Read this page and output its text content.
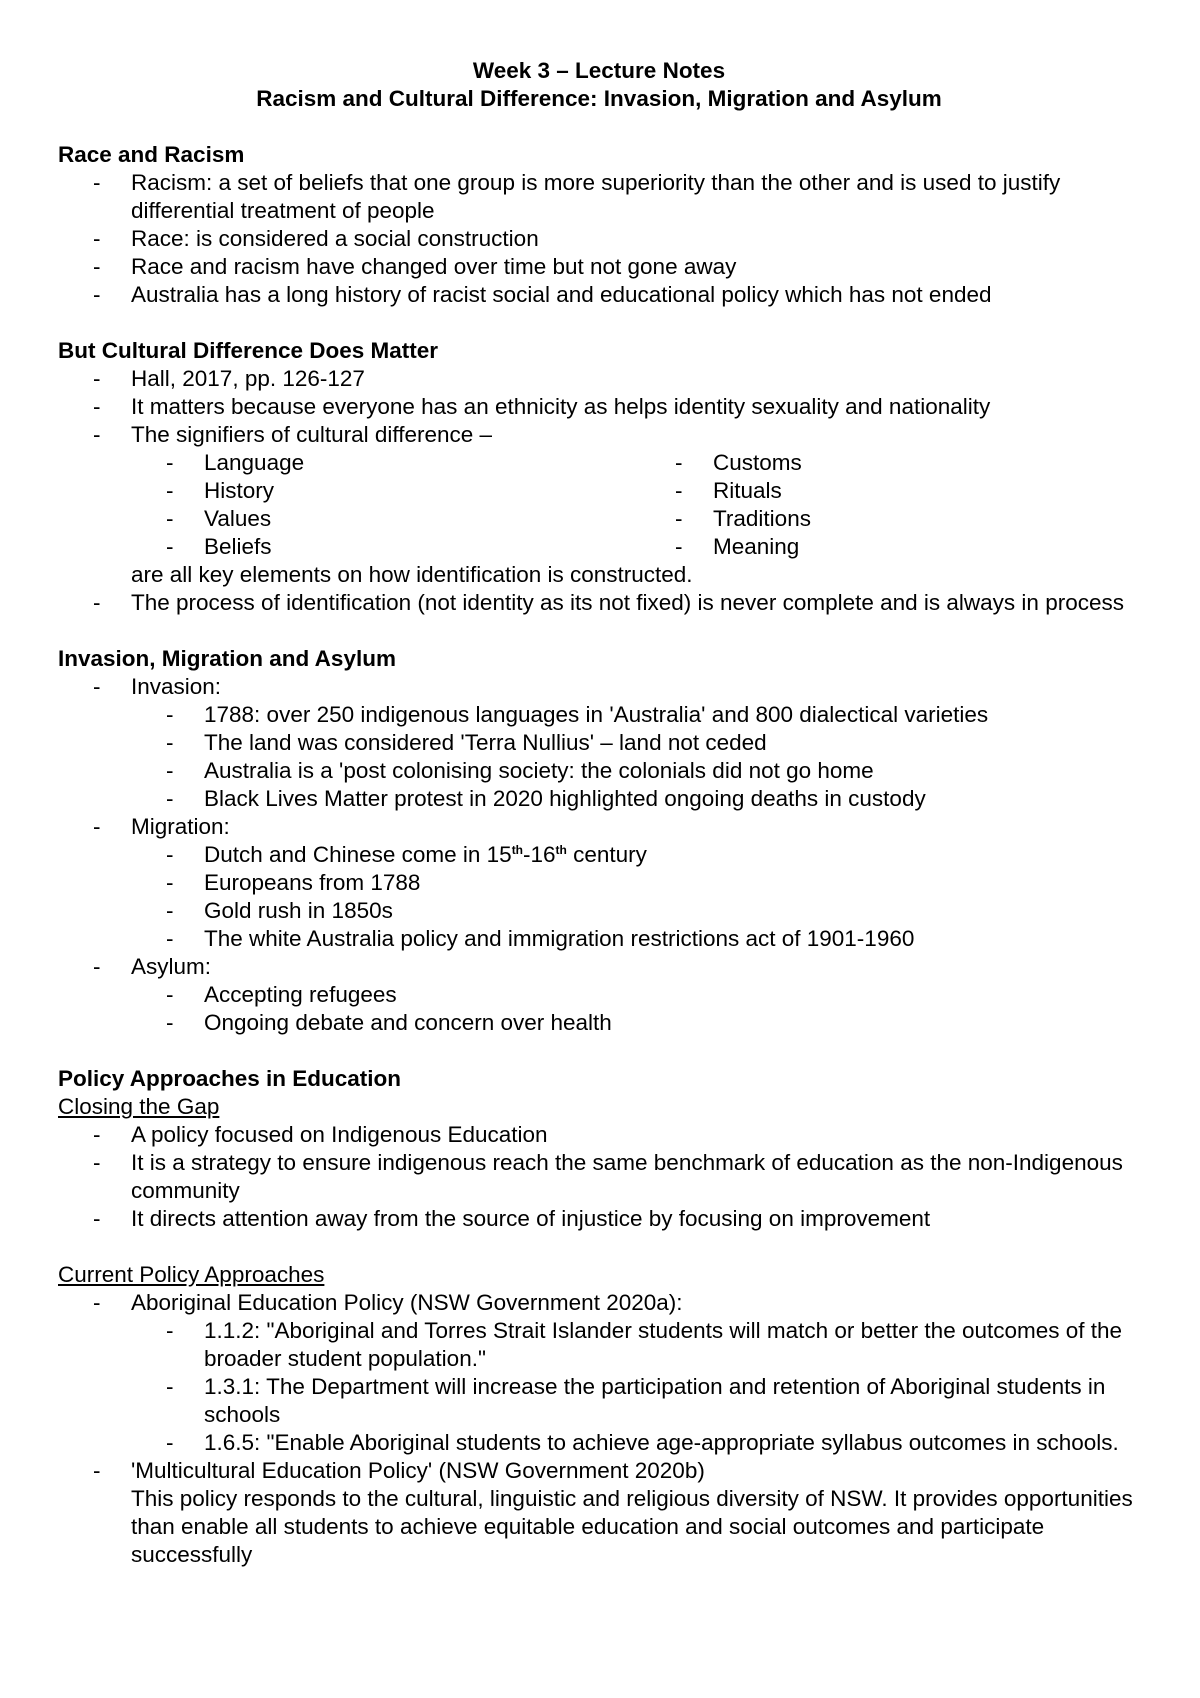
Week 3 – Lecture Notes

Racism and Cultural Difference: Invasion, Migration and Asylum

Race and Racism

- Racism: a set of beliefs that one group is more superiority than the other and is used to justify differential treatment of people
- Race: is considered a social construction
- Race and racism have changed over time but not gone away
- Australia has a long history of racist social and educational policy which has not ended

But Cultural Difference Does Matter

- Hall, 2017, pp. 126-127
- It matters because everyone has an ethnicity as helps identity sexuality and nationality
- The signifiers of cultural difference –
- Language
- History
- Values
- Beliefs
- Customs
- Rituals
- Traditions
- Meaning

are all key elements on how identification is constructed.

- The process of identification (not identity as its not fixed) is never complete and is always in process

Invasion, Migration and Asylum

- Invasion:
- 1788: over 250 indigenous languages in 'Australia' and 800 dialectical varieties
- The land was considered 'Terra Nullius' – land not ceded
- Australia is a 'post colonising society: the colonials did not go home
- Black Lives Matter protest in 2020 highlighted ongoing deaths in custody
- Migration:
- Dutch and Chinese come in 15th-16th century
- Europeans from 1788
- Gold rush in 1850s
- The white Australia policy and immigration restrictions act of 1901-1960
- Asylum:
- Accepting refugees
- Ongoing debate and concern over health

Policy Approaches in Education

Closing the Gap

- A policy focused on Indigenous Education
- It is a strategy to ensure indigenous reach the same benchmark of education as the non-Indigenous community
- It directs attention away from the source of injustice by focusing on improvement

Current Policy Approaches

- Aboriginal Education Policy (NSW Government 2020a):
- 1.1.2: "Aboriginal and Torres Strait Islander students will match or better the outcomes of the broader student population."
- 1.3.1: The Department will increase the participation and retention of Aboriginal students in schools
- 1.6.5: "Enable Aboriginal students to achieve age-appropriate syllabus outcomes in schools.
- 'Multicultural Education Policy' (NSW Government 2020b)
This policy responds to the cultural, linguistic and religious diversity of NSW. It provides opportunities than enable all students to achieve equitable education and social outcomes and participate successfully
